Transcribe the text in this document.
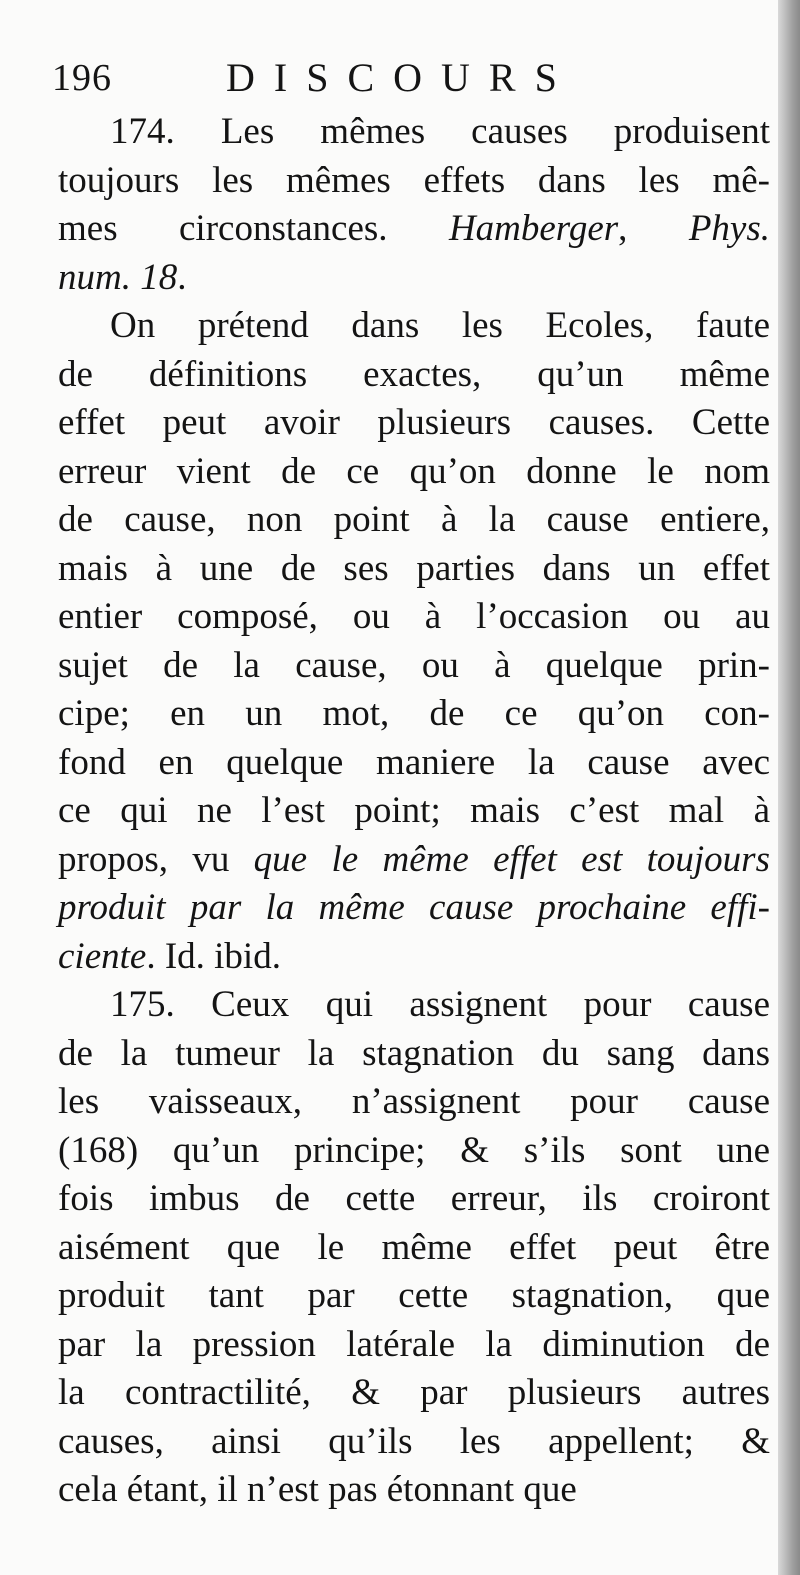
196	DISCOURS
174. Les mêmes causes produisent
toujours les mêmes effets dans les mê-
mes circonstances. Hamberger, Phys.
num. 18.
On prétend dans les Ecoles, faute
de définitions exactes, qu’un même
effet peut avoir plusieurs causes. Cette
erreur vient de ce qu’on donne le nom
de cause, non point à la cause entiere,
mais à une de ses parties dans un effet
entier composé, ou à l’occasion ou au
sujet de la cause, ou à quelque prin-
cipe; en un mot, de ce qu’on con-
fond en quelque maniere la cause avec
ce qui ne l’est point; mais c’est mal à
propos, vu que le même effet est toujours
produit par la même cause prochaine effi-
ciente. Id. ibid.
175. Ceux qui assignent pour cause
de la tumeur la stagnation du sang dans
les vaisseaux, n’assignent pour cause
(168) qu’un principe; & s’ils sont une
fois imbus de cette erreur, ils croiront
aisément que le même effet peut être
produit tant par cette stagnation, que
par la pression latérale la diminution de
la contractilité, & par plusieurs autres
causes, ainsi qu’ils les appellent; &
cela étant, il n’est pas étonnant que
